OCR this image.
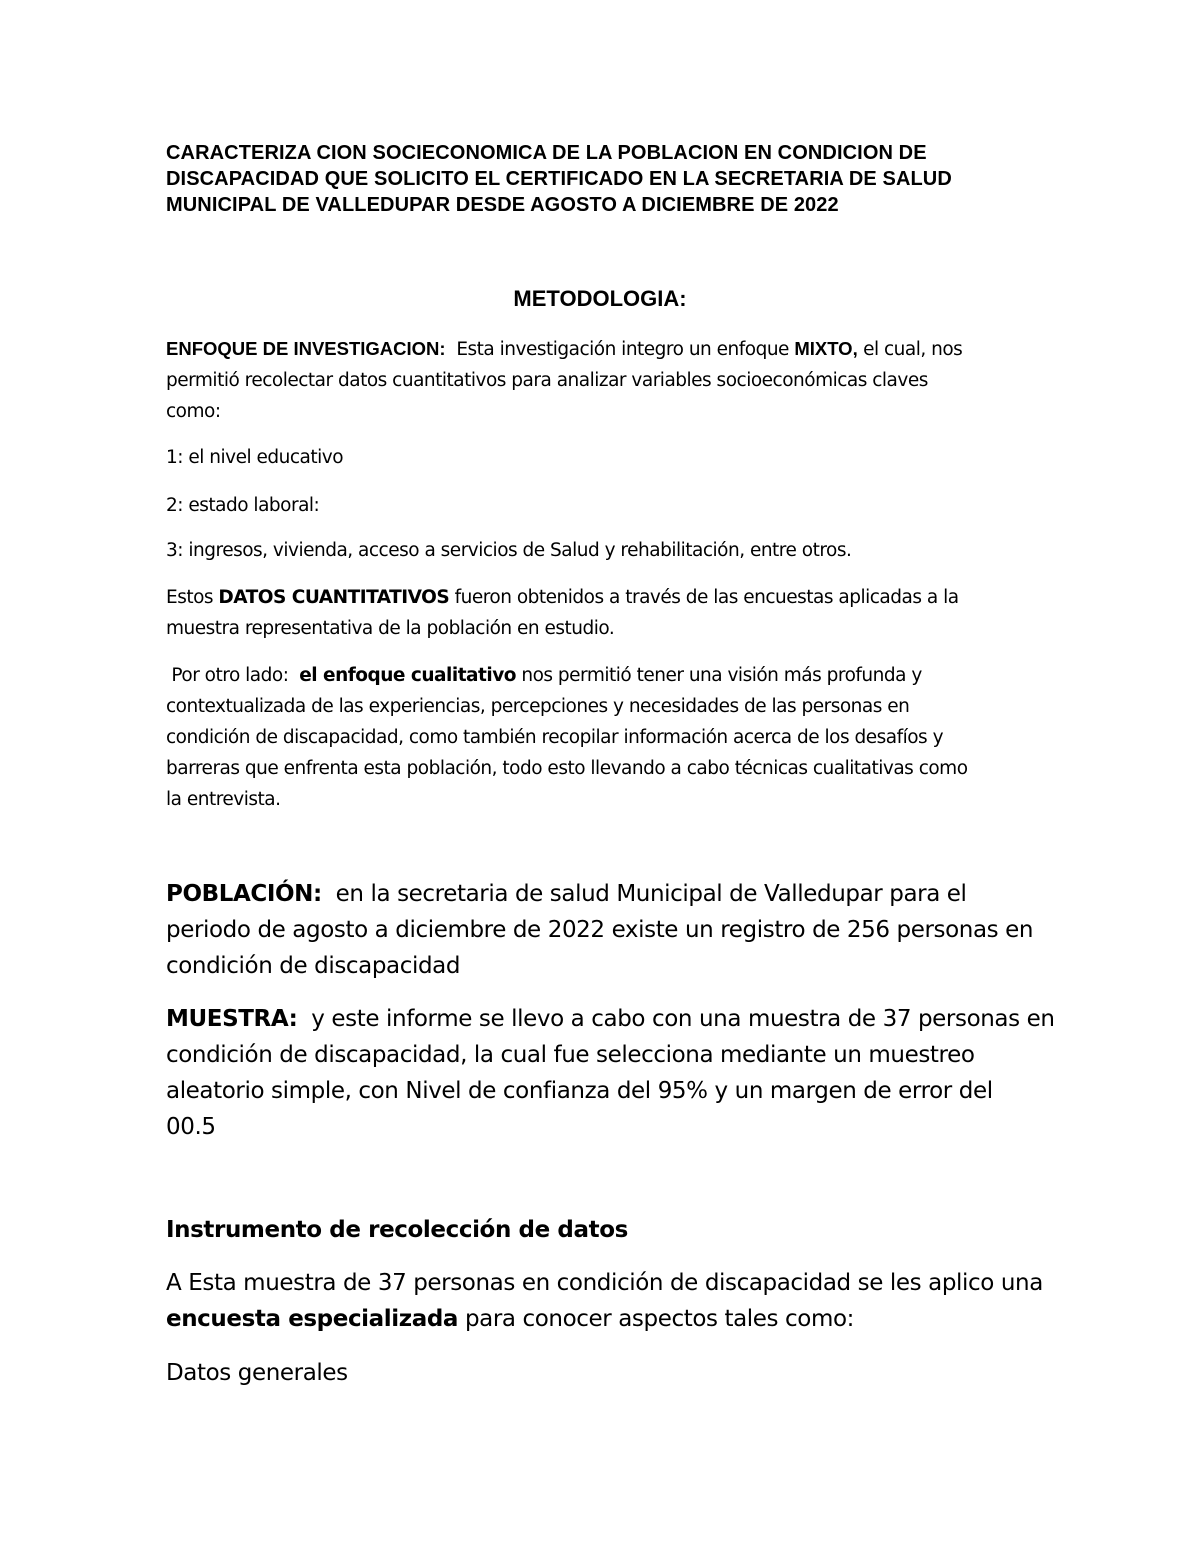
CARACTERIZA CION SOCIECONOMICA DE LA POBLACION EN CONDICION DE
DISCAPACIDAD QUE SOLICITO EL CERTIFICADO EN LA SECRETARIA DE SALUD
MUNICIPAL DE VALLEDUPAR DESDE AGOSTO A DICIEMBRE DE 2022
METODOLOGIA:

ENFOQUE DE INVESTIGACION:  Esta investigación integro un enfoque MIXTO, el cual, nos
permitió recolectar datos cuantitativos para analizar variables socioeconómicas claves
como:

1: el nivel educativo

2: estado laboral:

3: ingresos, vivienda, acceso a servicios de Salud y rehabilitación, entre otros.

Estos DATOS CUANTITATIVOS fueron obtenidos a través de las encuestas aplicadas a la
muestra representativa de la población en estudio.

Por otro lado:  el enfoque cualitativo nos permitió tener una visión más profunda y
contextualizada de las experiencias, percepciones y necesidades de las personas en
condición de discapacidad, como también recopilar información acerca de los desafíos y
barreras que enfrenta esta población, todo esto llevando a cabo técnicas cualitativas como
la entrevista.

POBLACIÓN:  en la secretaria de salud Municipal de Valledupar para el
periodo de agosto a diciembre de 2022 existe un registro de 256 personas en
condición de discapacidad

MUESTRA:  y este informe se llevo a cabo con una muestra de 37 personas en
condición de discapacidad, la cual fue selecciona mediante un muestreo
aleatorio simple, con Nivel de confianza del 95% y un margen de error del
00.5

Instrumento de recolección de datos

A Esta muestra de 37 personas en condición de discapacidad se les aplico una
encuesta especializada para conocer aspectos tales como:

Datos generales
